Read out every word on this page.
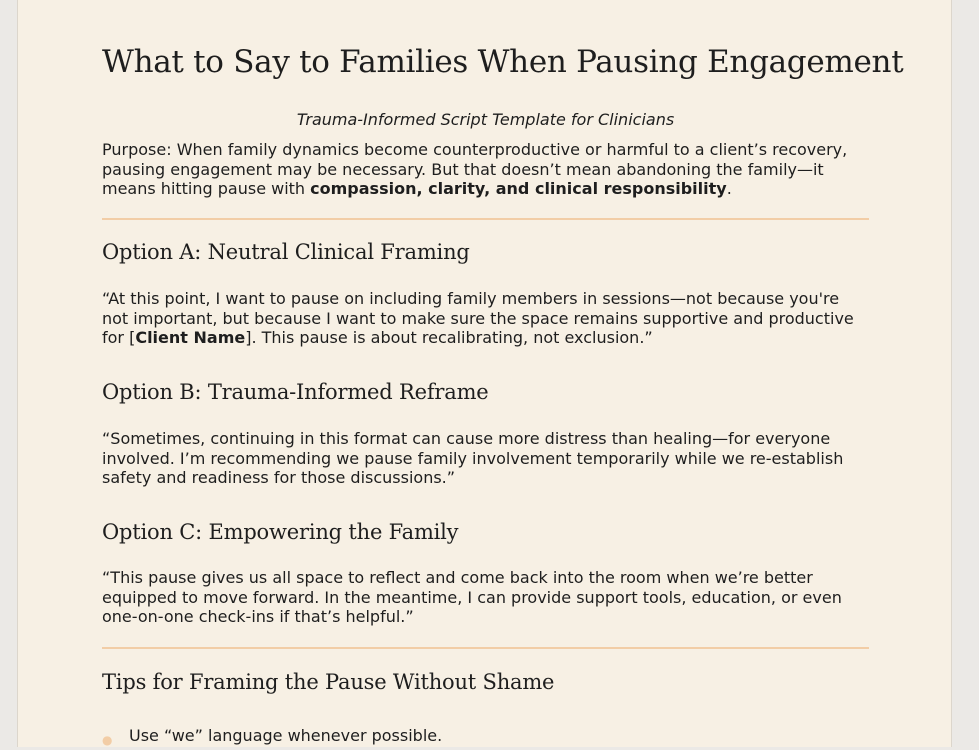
What to Say to Families When Pausing Engagement
Trauma-Informed Script Template for Clinicians

Purpose: When family dynamics become counterproductive or harmful to a client’s recovery, pausing engagement may be necessary. But that doesn’t mean abandoning the family—it means hitting pause with compassion, clarity, and clinical responsibility.

Option A: Neutral Clinical Framing

“At this point, I want to pause on including family members in sessions—not because you're not important, but because I want to make sure the space remains supportive and productive for [Client Name]. This pause is about recalibrating, not exclusion.”

Option B: Trauma-Informed Reframe

“Sometimes, continuing in this format can cause more distress than healing—for everyone involved. I’m recommending we pause family involvement temporarily while we re-establish safety and readiness for those discussions.”

Option C: Empowering the Family

“This pause gives us all space to reflect and come back into the room when we’re better equipped to move forward. In the meantime, I can provide support tools, education, or even one-on-one check-ins if that’s helpful.”

Tips for Framing the Pause Without Shame
● Use “we” language whenever possible.
